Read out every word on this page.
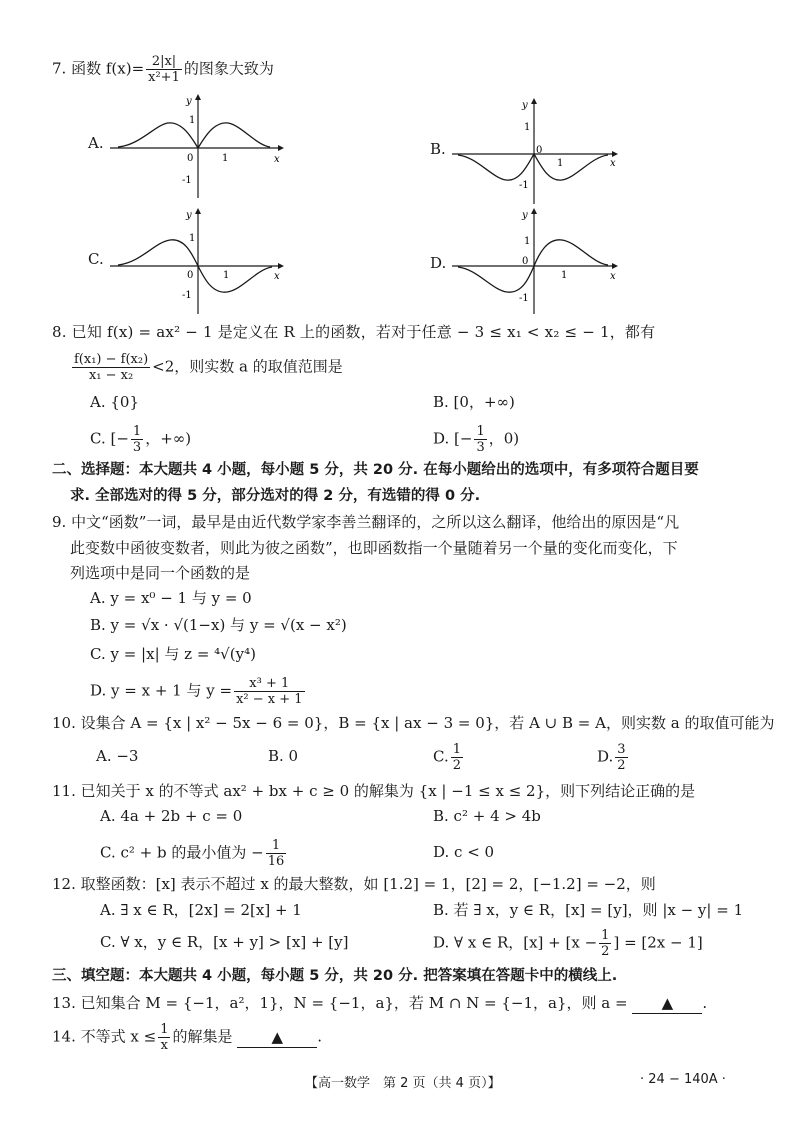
7. 函数 $f(x)= \frac{2|x|}{\text{x²+1}}$ 的图象大致为
A.
y
x
0
1
1
-1
B.
y
x
0
1
1
-1
C.
y
x
0
1
1
-1
D.
y
x
0
1
1
-1
8. 已知 f(x) = ax² − 1 是定义在 R 上的函数，若对于任意 − 3 ≤ x₁ < x₂ ≤ − 1，都有
$\frac{\text{f(x₁) − f(x₂)}}{\text{x₁ − x₂}} <2$，则实数 a 的取值范围是
A. {0}	B. [0，+∞)
C. [− $\frac{1}{3}$ ，+∞)	D. [− $\frac{1}{3}$ ，0)
二、选择题：本大题共 4 小题，每小题 5 分，共 20 分. 在每小题给出的选项中，有多项符合题目要
求. 全部选对的得 5 分，部分选对的得 2 分，有选错的得 0 分.
9. 中文“函数”一词，最早是由近代数学家李善兰翻译的，之所以这么翻译，他给出的原因是“凡
此变数中函彼变数者，则此为彼之函数”，也即函数指一个量随着另一个量的变化而变化，下
列选项中是同一个函数的是
A. y = x⁰ − 1 与 y = 0
B. y = √x · √(1−x) 与 y = √(x − x²)
C. y = |x| 与 z = ⁴√(y⁴)
D. y = x + 1 与 $y = \frac{\text{x³ + 1}}{\text{x² − x + 1}}$
10. 设集合 A = {x | x² − 5x − 6 = 0}，B = {x | ax − 3 = 0}，若 A ∪ B = A，则实数 a 的取值可能为
A. −3	B. 0	C. $\frac{1}{2}$	D. $\frac{3}{2}$
11. 已知关于 x 的不等式 ax² + bx + c ≥ 0 的解集为 {x | −1 ≤ x ≤ 2}，则下列结论正确的是
A. 4a + 2b + c = 0	B. c² + 4 > 4b
C. c² + b 的最小值为 − $\frac{1}{16}$	D. c < 0
12. 取整函数：[x] 表示不超过 x 的最大整数，如 [1.2] = 1，[2] = 2，[−1.2] = −2，则
A. ∃ x ∈ R，[2x] = 2[x] + 1	B. 若 ∃ x，y ∈ R，[x] = [y]，则 |x − y| = 1
C. ∀ x，y ∈ R，[x + y] > [x] + [y]	D. ∀ x ∈ R，$[x] + [x - \frac{1}{2}$ ] = [2x − 1]
三、填空题：本大题共 4 小题，每小题 5 分，共 20 分. 把答案填在答题卡中的横线上.
13. 已知集合 M = {−1，a²，1}，N = {−1，a}，若 M ∩ N = {−1，a}，则 a = ▲ .
14. 不等式 $x \le \frac{1}{x}$ 的解集是	▲ .
【高一数学　第 2 页（共 4 页）】	· 24 − 140A ·
